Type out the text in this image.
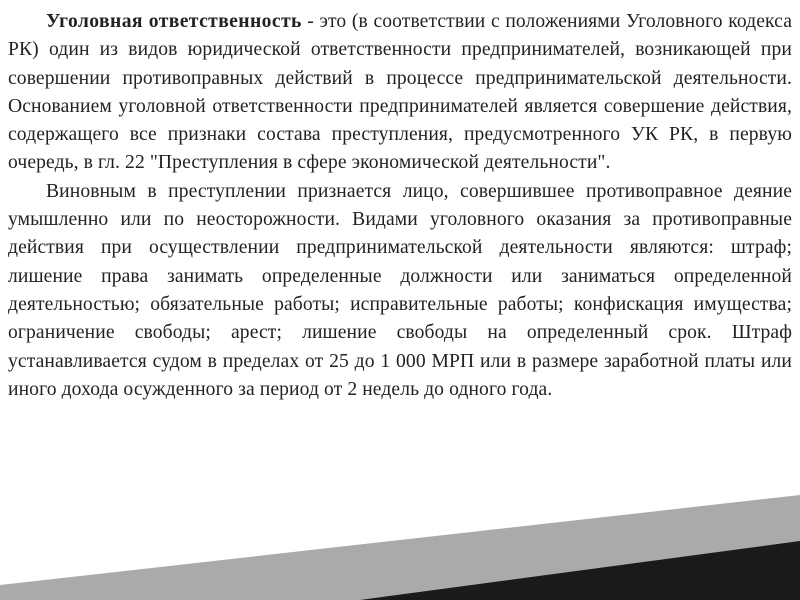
Уголовная ответственность - это (в соответствии с положениями Уголовного кодекса РК) один из видов юридической ответственности предпринимателей, возникающей при совершении противоправных действий в процессе предпринимательской деятельности. Основанием уголовной ответственности предпринимателей является совершение действия, содержащего все признаки состава преступления, предусмотренного УК РК, в первую очередь, в гл. 22 "Преступления в сфере экономической деятельности".

Виновным в преступлении признается лицо, совершившее противоправное деяние умышленно или по неосторожности. Видами уголовного оказания за противоправные действия при осуществлении предпринимательской деятельности являются: штраф; лишение права занимать определенные должности или заниматься определенной деятельностью; обязательные работы; исправительные работы; конфискация имущества; ограничение свободы; арест; лишение свободы на определенный срок. Штраф устанавливается судом в пределах от 25 до 1 000 МРП или в размере заработной платы или иного дохода осужденного за период от 2 недель до одного года.
